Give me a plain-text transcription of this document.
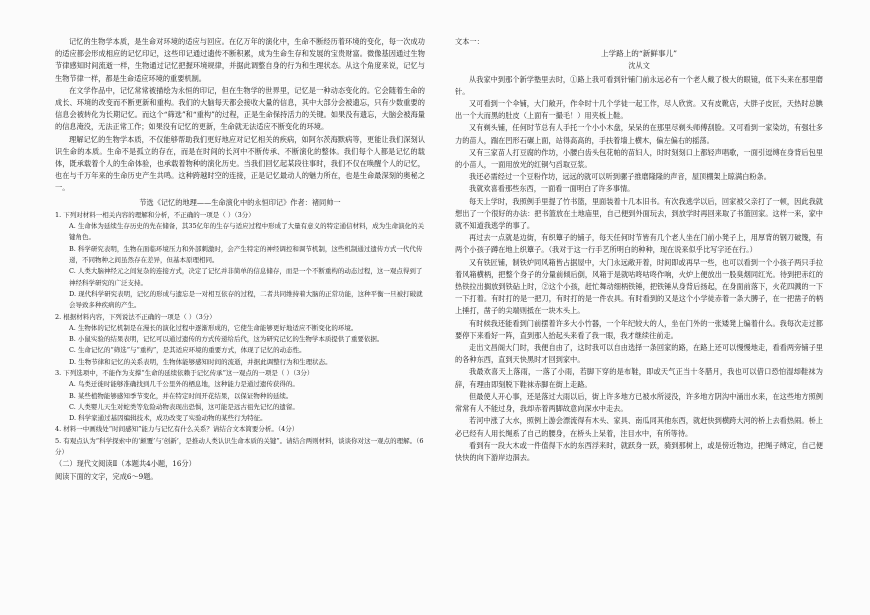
记忆的生物学本质，是生命对环境的适应与回应。在亿万年的演化中，生命不断经历着环境的变化，每一次成功的适应都会形成相应的记忆印记，这些印记通过遗传不断积累，成为生命生存和发展的宝贵财富。微像基因通过生物节律感知时间流逝一样，生物通过记忆把握环境规律，并据此调整自身的行为和生理状态。从这个角度来说，记忆与生物节律一样，都是生命适应环境的重要机制。

在文学作品中，记忆常常被描绘为永恒的印记，但在生物学的世界里，记忆是一种动态变化的。它会随着生命的成长、环境的改变而不断更新和重构。我们的大脑每天都会接收大量的信息，其中大部分会被遗忘，只有少数重要的信息会被转化为长期记忆。而这个“筛选”和“重构”的过程，正是生命保持活力的关键。如果没有遗忘，大脑会被海量的信息淹没，无法正常工作；如果没有记忆的更新，生命就无法适应不断变化的环境。

理解记忆的生物学本质，不仅能够帮助我们更好地应对记忆相关的疾病，如阿尔茨海默病等，更能让我们深刻认识生命的本质。生命不是孤立的存在，而是在时间的长河中不断传承、不断演化的整体。我们每个人都是记忆的载体，既承载着个人的生命体验，也承载着物种的演化历史。当我们回忆起某段往事时，我们不仅在唤醒个人的记忆，也在与千万年来的生命历史产生共鸣。这种跨越时空的连接，正是记忆最动人的魅力所在，也是生命最深刻的奥秘之一。

节选《记忆的地理——生命演化中的永恒印记》作者：褚同帅一

1. 下列对材料一相关内容的理解和分析，不正确的一项是（ ）（3分）

A. 生命体为延续生存历史的先在储备，其35亿年的生存与适应过程中形成了大量有意义的特定通信材料，成为生命演化的关键角色。

B. 科学研究表明，生物在面临环境压力和外部刺激时，会产生特定的神经调控和调节机制，这些机制通过遗传方式一代代传递，不同物种之间虽然存在差异，但基本原理相同。

C. 人类大脑神经元之间复杂的连接方式，决定了记忆并非简单的信息储存，而是一个不断重构的动态过程，这一观点得到了神经科学研究的广泛支持。

D. 现代科学研究表明，记忆的形成与遗忘是一对相互依存的过程，二者共同维持着大脑的正常功能，这种平衡一旦被打破就会导致多种疾病的产生。

2. 根据材料内容，下列说法不正确的一项是（ ）（3分）

A. 生物体的记忆机制是在漫长的演化过程中逐渐形成的，它使生命能够更好地适应不断变化的环境。

B. 小鼠实验的结果表明，记忆可以通过遗传的方式传递给后代，这为研究记忆的生物学本质提供了重要依据。

C. 生命记忆的“筛选”与“重构”，是其适应环境的重要方式，体现了记忆的动态性。

D. 生物节律和记忆的关系表明，生物体能够感知时间的流逝，并据此调整行为和生理状态。

3. 下列选项中，不能作为支撑“生命的延续依赖于记忆传承”这一观点的一项是（ ）（3分）

A. 鸟类迁徙时能够准确找到几千公里外的栖息地，这种能力是通过遗传获得的。

B. 某些植物能够感知季节变化，并在特定时间开花结果，以保证物种的延续。

C. 人类婴儿天生对蛇类等危险动物表现出恐惧，这可能是远古祖先记忆的遗留。

D. 科学家通过基因编辑技术，成功改变了实验动物的某些行为特征。

4. 材料一中画线处“时间感知”能力与记忆有什么关系？请结合文本简要分析。（4分）

5. 有观点认为“科学探索中的‘颠覆’与‘创新’，是推动人类认识生命本质的关键”。请结合两则材料，谈谈你对这一观点的理解。（6分）

（二）现代文阅读Ⅱ（本题共4小题，16分）

阅读下面的文字，完成6～9题。

文本一：

上学路上的“新鲜事儿”

沈从文

从我家中到那个新学塾里去时，①路上我可看到针铺门前永远必有一个老人戴了极大的眼镜，低下头来在那里磨针。

又可看到一个伞铺，大门敞开，作伞时十几个学徒一起工作，尽人欣赏。又有皮靴店，大胖子皮匠，天热时总腆出一个大而黑的肚皮（上面有一撮毛！）用夹板上鞋。

又有剃头铺，任何时节总有人手托一个小小木盘，呆呆的在那里尽剃头师傅刮脸。又可看到一家染坊，有强壮多力的苗人，踹在凹形石碾上面，站得高高的，手扶着墙上横木，偏左偏右的摇荡。

又有三家苗人打豆腐的作坊，小腰白齿头包花帕的苗妇人，时时刻刻口上都轻声唱歌，一面引逗缚在身背后包里的小苗人，一面用放光的红铜勺舀取豆浆。

我还必需经过一个豆粉作坊，远远的就可以听到骡子推磨隆隆的声音，屋顶棚架上晾满白粉条。

我就欢喜看那些东西，一面看一面明白了许多事情。

每天上学时，我照例手里提了竹书篮，里面装着十几本旧书。有次我逃学以后，回家被父亲打了一顿，因此我就想出了一个很好的办法：把书篮放在土地庙里，自己便到外面玩去，到放学时再回来取了书篮回家。这样一来，家中就不知道我逃学的事了。

再过去一点就是边街，有织簟子的铺子，每天任何时节皆有几个老人坐在门前小凳子上，用厚背的钢刀破篾，有两个小孩子蹲在地上织簟子。（我对于这一行手艺所明白的种种，现在说来似乎比写字还在行。）

又有铁匠铺，制铁炉同风箱皆占据屋中，大门永远敞开着，时间即或再早一些，也可以看到一个小孩子两只手拉着风箱横柄，把整个身子的分量前倾后倒，风箱于是就咕咚咕咚作响，火炉上便放出一股臭烟同红光。待到把赤红的热铁拉出搁放到铁砧上时，②这个小孩，赶忙舞动细柄铁锤，把铁锤从身背后扬起，在身面前落下，火花四溅的一下一下打着。有时打的是一把刀，有时打的是一件农具。有时看到的又是这个小学徒赤着一条大膊子，在一把凿子的柄上捶打，凿子的尖端则抵在一块木头上。

有时候我还能看到门前摆着许多大小竹器，一个年纪较大的人，坐在门外的一张矮凳上编着什么。我每次走过都要停下来看好一阵，直到那人抬起头来看了我一眼，我才继续往前走。

走出文昌阁大门时，我便自由了，这时我可以自由选择一条回家的路，在路上还可以慢慢地走，看看两旁铺子里的各种东西，直到天快黑时才回到家中。

我最欢喜天上落雨，一落了小雨，若脚下穿的是布鞋，即或天气正当十冬腊月，我也可以借口恐怕湿却鞋袜为辞，有理由即刻脱下鞋袜赤脚在街上走路。

但最使人开心事，还是落过大雨以后，街上许多地方已被水所浸没，许多地方阴沟中涌出水来，在这些地方照例常常有人不能过身，我却赤着两脚故意向深水中走去。

若河中涨了大水，照例上游会漂流得有木头、家具、南瓜同其他东西，就赶快到横跨大河的桥上去看热闹。桥上必已经有人用长绳系了自己的腰身，在桥头上呆着，注目水中，有所等待。

看到有一段大木或一件值得下水的东西浮来时，就跃身一跃，骑到那树上，或是傍近物边，把绳子缚定，自己便快快的向下游岸边泅去。
